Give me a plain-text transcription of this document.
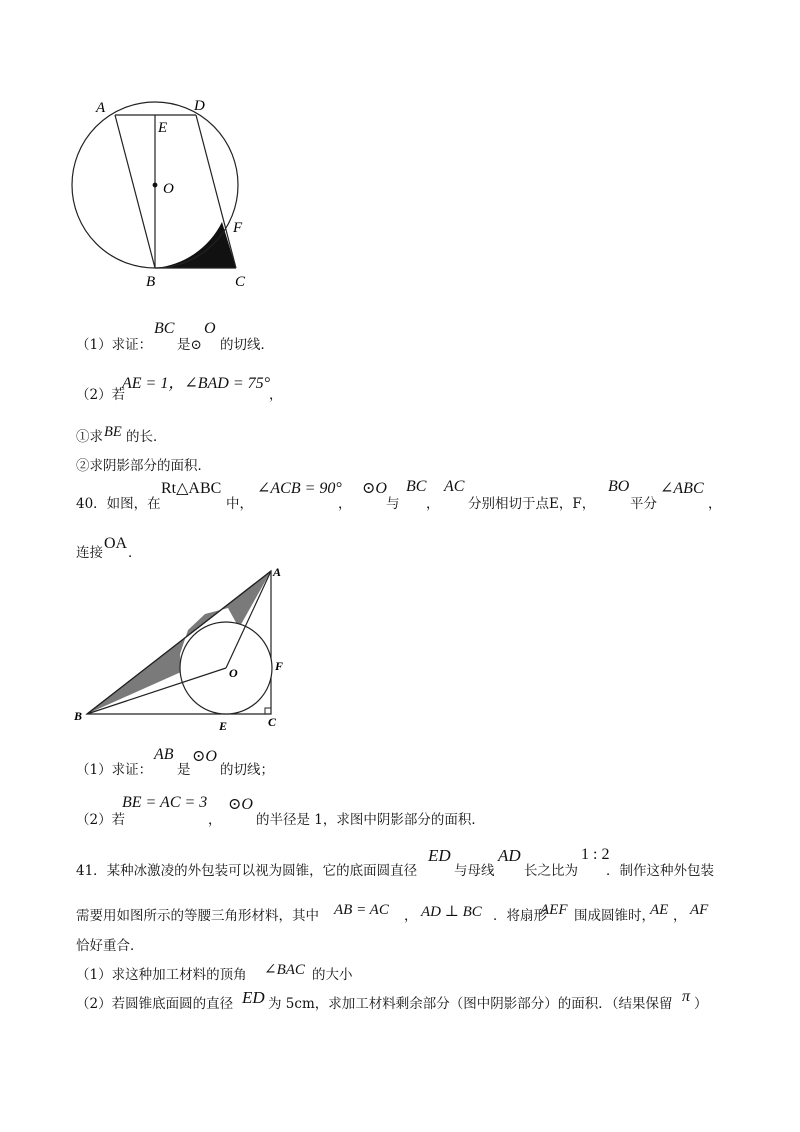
A	D
E
O
F
B	C
（1）求证：
BC
是⊙
O
的切线．
（2）若
AE = 1，∠BAD = 75°
，
①求 BE 的长．
②求阴影部分的面积．
40．如图，在
Rt△ABC
中，
∠ACB = 90°
，
⊙O
与
BC
，
AC
分别相切于点E，F，
BO
平分
∠ABC
，
连接
OA
．
A
O	F
B
E	C
（1）求证：
AB
是
⊙O
的切线；
（2）若
BE = AC = 3
，
⊙O
的半径是 1，求图中阴影部分的面积．
41．某种冰激凌的外包装可以视为圆锥，它的底面圆直径
ED
与母线
AD
长之比为
1 : 2
．制作这种外包装
需要用如图所示的等腰三角形材料，其中 AB = AC ， AD ⊥ BC ．将扇形
AEF 围成圆锥时，
AE ， AF
恰好重合．
（1）求这种加工材料的顶角 ∠BAC 的大小
（2）若圆锥底面圆的直径 ED 为 5cm，求加工材料剩余部分（图中阴影部分）的面积．（结果保留 π ）
